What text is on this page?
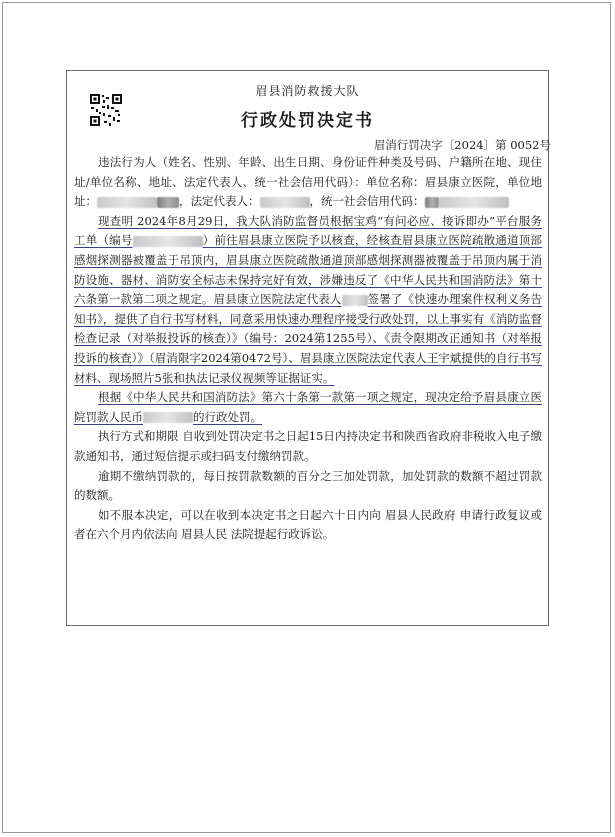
眉县消防救援大队
行政处罚决定书
眉消行罚决字〔2024〕第 0052号

违法行为人（姓名、性别、年龄、出生日期、身份证件种类及号码、户籍所在地、现住址/单位名称、地址、法定代表人、统一社会信用代码）：单位名称：眉县康立医院，单位地址：	，法定代表人：	，统一社会信用代码：

现查明 2024年8月29日，我大队消防监督员根据宝鸡“有问必应、接诉即办”平台服务工单（编号	）前往眉县康立医院予以核查，经核查眉县康立医院疏散通道顶部感烟探测器被覆盖于吊顶内，眉县康立医院疏散通道顶部感烟探测器被覆盖于吊顶内属于消防设施、器材、消防安全标志未保持完好有效，涉嫌违反了《中华人民共和国消防法》第十六条第一款第二项之规定。眉县康立医院法定代表人 签署了《快速办理案件权利义务告知书》，提供了自行书写材料，同意采用快速办理程序接受行政处罚，以上事实有《消防监督检查记录（对举报投诉的核查）》（编号：2024第1255号）、《责令限期改正通知书（对举报投诉的核查）》（眉消限字2024第0472号）、眉县康立医院法定代表人王宇斌提供的自行书写材料、现场照片5张和执法记录仪视频等证据证实。

根据《中华人民共和国消防法》第六十条第一款第一项之规定，现决定给予眉县康立医院罚款人民币	的行政处罚。

执行方式和期限 自收到处罚决定书之日起15日内持决定书和陕西省政府非税收入电子缴款通知书，通过短信提示或扫码支付缴纳罚款。

逾期不缴纳罚款的，每日按罚款数额的百分之三加处罚款，加处罚款的数额不超过罚款的数额。

如不服本决定，可以在收到本决定书之日起六十日内向 眉县人民政府 申请行政复议或者在六个月内依法向 眉县人民 法院提起行政诉讼。
